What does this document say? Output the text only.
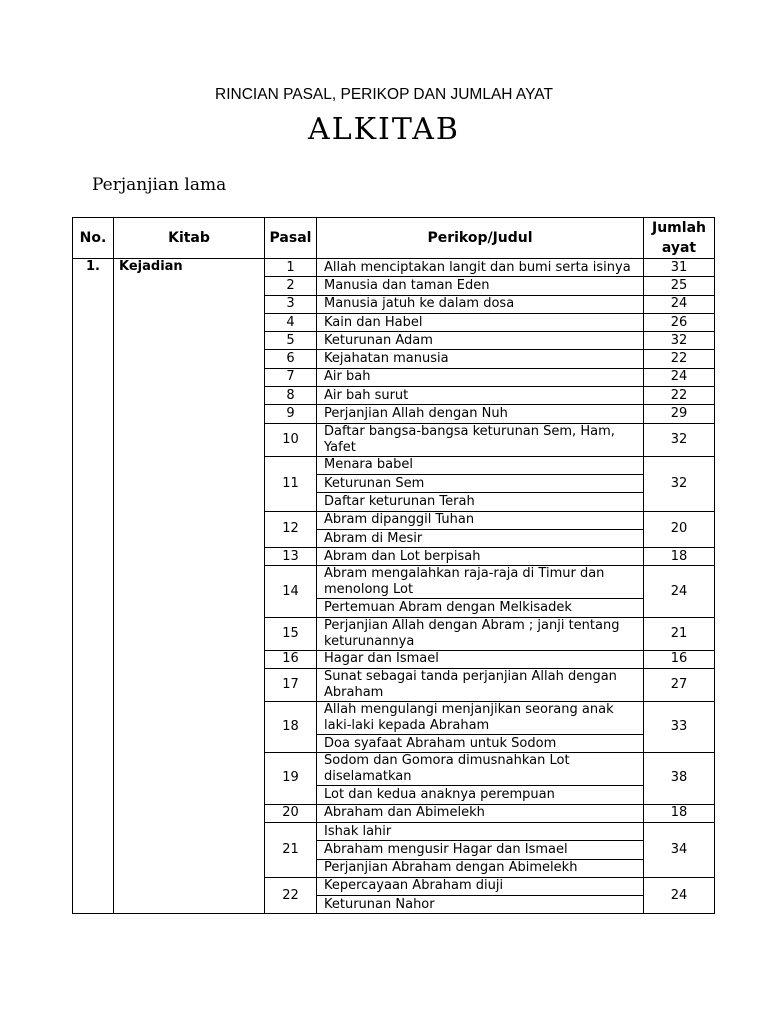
RINCIAN PASAL, PERIKOP DAN JUMLAH AYAT
ALKITAB
Perjanjian lama
No.	Kitab	Pasal	Perikop/Judul	Jumlah ayat
1.	Kejadian	1	Allah menciptakan langit dan bumi serta isinya	31
		2	Manusia dan taman Eden	25
		3	Manusia jatuh ke dalam dosa	24
		4	Kain dan Habel	26
		5	Keturunan Adam	32
		6	Kejahatan manusia	22
		7	Air bah	24
		8	Air bah surut	22
		9	Perjanjian Allah dengan Nuh	29
		10	Daftar bangsa-bangsa keturunan Sem, Ham, Yafet	32
		11	Menara babel	32
			Keturunan Sem	
			Daftar keturunan Terah	
		12	Abram dipanggil Tuhan	20
			Abram di Mesir	
		13	Abram dan Lot berpisah	18
		14	Abram mengalahkan raja-raja di Timur dan menolong Lot	24
			Pertemuan Abram dengan Melkisadek	
		15	Perjanjian Allah dengan Abram ; janji tentang keturunannya	21
		16	Hagar dan Ismael	16
		17	Sunat sebagai tanda perjanjian Allah dengan Abraham	27
		18	Allah mengulangi menjanjikan seorang anak laki-laki kepada Abraham	33
			Doa syafaat Abraham untuk Sodom	
		19	Sodom dan Gomora dimusnahkan Lot diselamatkan	38
			Lot dan kedua anaknya perempuan	
		20	Abraham dan Abimelekh	18
		21	Ishak lahir	34
			Abraham mengusir Hagar dan Ismael	
			Perjanjian Abraham dengan Abimelekh	
		22	Kepercayaan Abraham diuji	24
			Keturunan Nahor	
